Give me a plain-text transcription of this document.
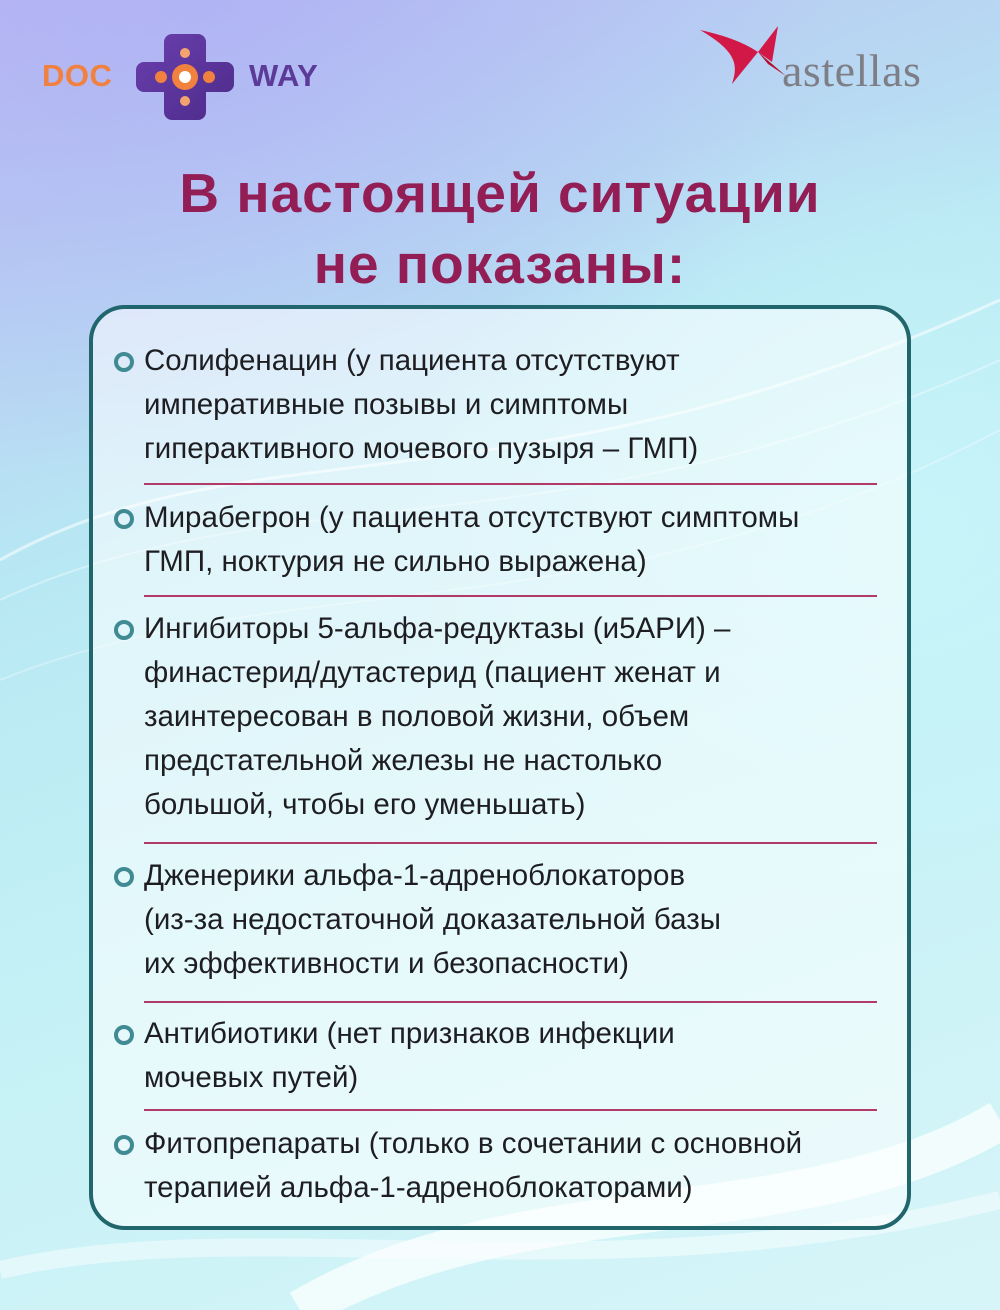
DOC	WAY	astellas
В настоящей ситуации
не показаны:

Солифенацин (у пациента отсутствуют
императивные позывы и симптомы
гиперактивного мочевого пузыря – ГМП)

Мирабегрон (у пациента отсутствуют симптомы
ГМП, ноктурия не сильно выражена)

Ингибиторы 5-альфа-редуктазы (и5АРИ) –
финастерид/дутастерид (пациент женат и
заинтересован в половой жизни, объем
предстательной железы не настолько
большой, чтобы его уменьшать)

Дженерики альфа-1-адреноблокаторов
(из-за недостаточной доказательной базы
их эффективности и безопасности)

Антибиотики (нет признаков инфекции
мочевых путей)

Фитопрепараты (только в сочетании с основной
терапией альфа-1-адреноблокаторами)
